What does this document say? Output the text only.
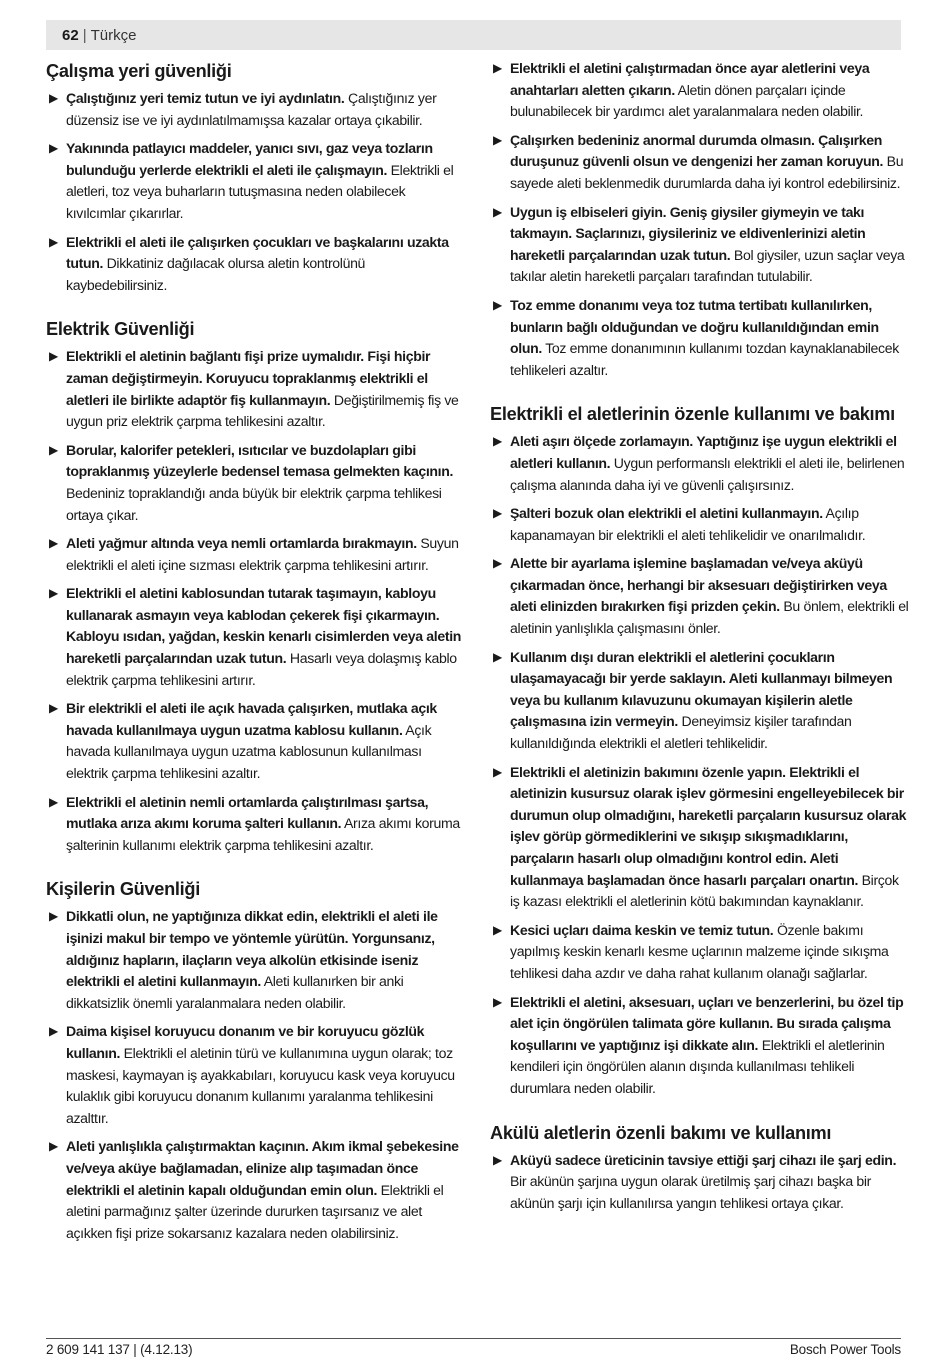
62 | Türkçe
Çalışma yeri güvenliği
▶ Çalıştığınız yeri temiz tutun ve iyi aydınlatın. Çalıştığınız yer düzensiz ise ve iyi aydınlatılmamışsa kazalar ortaya çıkabilir.
▶ Yakınında patlayıcı maddeler, yanıcı sıvı, gaz veya tozların bulunduğu yerlerde elektrikli el aleti ile çalışmayın. Elektrikli el aletleri, toz veya buharların tutuşmasına neden olabilecek kıvılcımlar çıkarırlar.
▶ Elektrikli el aleti ile çalışırken çocukları ve başkalarını uzakta tutun. Dikkatiniz dağılacak olursa aletin kontrolünü kaybedebilirsiniz.
Elektrik Güvenliği
▶ Elektrikli el aletinin bağlantı fişi prize uymalıdır. Fişi hiçbir zaman değiştirmeyin. Koruyucu topraklanmış elektrikli el aletleri ile birlikte adaptör fiş kullanmayın. Değiştirilmemiş fiş ve uygun priz elektrik çarpma tehlikesini azaltır.
▶ Borular, kalorifer petekleri, ısıtıcılar ve buzdolapları gibi topraklanmış yüzeylerle bedensel temasa gelmekten kaçının. Bedeniniz topraklandığı anda büyük bir elektrik çarpma tehlikesi ortaya çıkar.
▶ Aleti yağmur altında veya nemli ortamlarda bırakmayın. Suyun elektrikli el aleti içine sızması elektrik çarpma tehlikesini artırır.
▶ Elektrikli el aletini kablosundan tutarak taşımayın, kabloyu kullanarak asmayın veya kablodan çekerek fişi çıkarmayın. Kabloyu ısıdan, yağdan, keskin kenarlı cisimlerden veya aletin hareketli parçalarından uzak tutun. Hasarlı veya dolaşmış kablo elektrik çarpma tehlikesini artırır.
▶ Bir elektrikli el aleti ile açık havada çalışırken, mutlaka açık havada kullanılmaya uygun uzatma kablosu kullanın. Açık havada kullanılmaya uygun uzatma kablosunun kullanılması elektrik çarpma tehlikesini azaltır.
▶ Elektrikli el aletinin nemli ortamlarda çalıştırılması şartsa, mutlaka arıza akımı koruma şalteri kullanın. Arıza akımı koruma şalterinin kullanımı elektrik çarpma tehlikesini azaltır.
Kişilerin Güvenliği
▶ Dikkatli olun, ne yaptığınıza dikkat edin, elektrikli el aleti ile işinizi makul bir tempo ve yöntemle yürütün. Yorgunsanız, aldığınız hapların, ilaçların veya alkolün etkisinde iseniz elektrikli el aletini kullanmayın. Aleti kullanırken bir anki dikkatsizlik önemli yaralanmalara neden olabilir.
▶ Daima kişisel koruyucu donanım ve bir koruyucu gözlük kullanın. Elektrikli el aletinin türü ve kullanımına uygun olarak; toz maskesi, kaymayan iş ayakkabıları, koruyucu kask veya koruyucu kulaklık gibi koruyucu donanım kullanımı yaralanma tehlikesini azalttır.
▶ Aleti yanlışlıkla çalıştırmaktan kaçının. Akım ikmal şebekesine ve/veya aküye bağlamadan, elinize alıp taşımadan önce elektrikli el aletinin kapalı olduğundan emin olun. Elektrikli el aletini parmağınız şalter üzerinde dururken taşırsanız ve alet açıkken fişi prize sokarsanız kazalara neden olabilirsiniz.
▶ Elektrikli el aletini çalıştırmadan önce ayar aletlerini veya anahtarları aletten çıkarın. Aletin dönen parçaları içinde bulunabilecek bir yardımcı alet yaralanmalara neden olabilir.
▶ Çalışırken bedeniniz anormal durumda olmasın. Çalışırken duruşunuz güvenli olsun ve dengenizi her zaman koruyun. Bu sayede aleti beklenmedik durumlarda daha iyi kontrol edebilirsiniz.
▶ Uygun iş elbiseleri giyin. Geniş giysiler giymeyin ve takı takmayın. Saçlarınızı, giysileriniz ve eldivenlerinizi aletin hareketli parçalarından uzak tutun. Bol giysiler, uzun saçlar veya takılar aletin hareketli parçaları tarafından tutulabilir.
▶ Toz emme donanımı veya toz tutma tertibatı kullanılırken, bunların bağlı olduğundan ve doğru kullanıldığından emin olun. Toz emme donanımının kullanımı tozdan kaynaklanabilecek tehlikeleri azaltır.
Elektrikli el aletlerinin özenle kullanımı ve bakımı
▶ Aleti aşırı ölçede zorlamayın. Yaptığınız işe uygun elektrikli el aletleri kullanın. Uygun performanslı elektrikli el aleti ile, belirlenen çalışma alanında daha iyi ve güvenli çalışırsınız.
▶ Şalteri bozuk olan elektrikli el aletini kullanmayın. Açılıp kapanamayan bir elektrikli el aleti tehlikelidir ve onarılmalıdır.
▶ Alette bir ayarlama işlemine başlamadan ve/veya aküyü çıkarmadan önce, herhangi bir aksesuarı değiştirirken veya aleti elinizden bırakırken fişi prizden çekin. Bu önlem, elektrikli el aletinin yanlışlıkla çalışmasını önler.
▶ Kullanım dışı duran elektrikli el aletlerini çocukların ulaşamayacağı bir yerde saklayın. Aleti kullanmayı bilmeyen veya bu kullanım kılavuzunu okumayan kişilerin aletle çalışmasına izin vermeyin. Deneyimsiz kişiler tarafından kullanıldığında elektrikli el aletleri tehlikelidir.
▶ Elektrikli el aletinizin bakımını özenle yapın. Elektrikli el aletinizin kusursuz olarak işlev görmesini engelleyebilecek bir durumun olup olmadığını, hareketli parçaların kusursuz olarak işlev görüp görmediklerini ve sıkışıp sıkışmadıklarını, parçaların hasarlı olup olmadığını kontrol edin. Aleti kullanmaya başlamadan önce hasarlı parçaları onartın. Birçok iş kazası elektrikli el aletlerinin kötü bakımından kaynaklanır.
▶ Kesici uçları daima keskin ve temiz tutun. Özenle bakımı yapılmış keskin kenarlı kesme uçlarının malzeme içinde sıkışma tehlikesi daha azdır ve daha rahat kullanım olanağı sağlarlar.
▶ Elektrikli el aletini, aksesuarı, uçları ve benzerlerini, bu özel tip alet için öngörülen talimata göre kullanın. Bu sırada çalışma koşullarını ve yaptığınız işi dikkate alın. Elektrikli el aletlerinin kendileri için öngörülen alanın dışında kullanılması tehlikeli durumlara neden olabilir.
Akülü aletlerin özenli bakımı ve kullanımı
▶ Aküyü sadece üreticinin tavsiye ettiği şarj cihazı ile şarj edin. Bir akünün şarjına uygun olarak üretilmiş şarj cihazı başka bir akünün şarjı için kullanılırsa yangın tehlikesi ortaya çıkar.
2 609 141 137 | (4.12.13)	Bosch Power Tools
